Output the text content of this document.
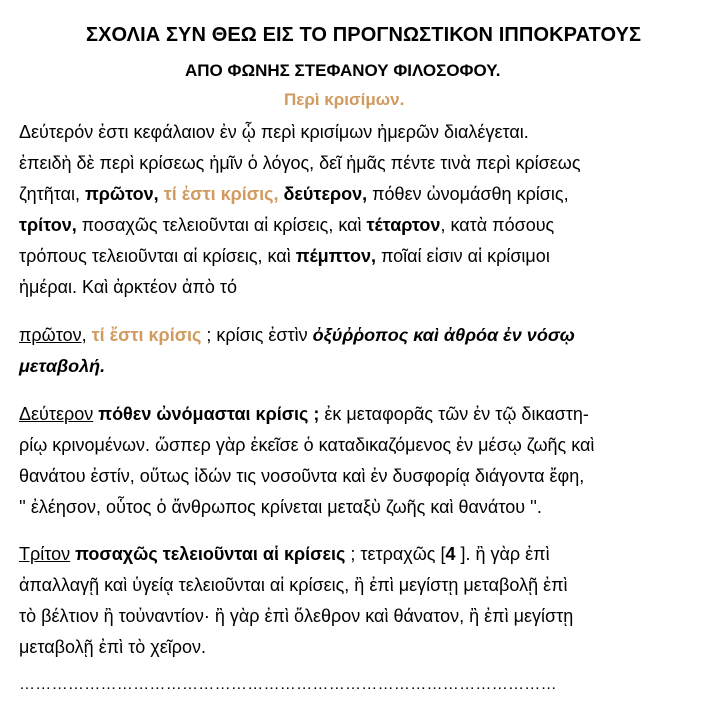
ΣΧΟΛΙΑ ΣΥΝ ΘΕΩ ΕΙΣ ΤΟ ΠΡΟΓΝΩΣΤΙΚΟΝ ΙΠΠΟΚΡΑΤΟΥΣ
ΑΠΟ ΦΩΝΗΣ ΣΤΕΦΑΝΟΥ ΦΙΛΟΣΟΦΟΥ.
Περὶ κρισίμων.
Δεύτερόν ἐστι κεφάλαιον ἐν ᾧ περὶ κρισίμων ἡμερῶν διαλέγεται.
ἐπειδὴ δὲ περὶ κρίσεως ἡμῖν ὁ λόγος, δεῖ ἡμᾶς πέντε τινὰ περὶ κρίσεως
ζητῆται, πρῶτον, τί ἐστι κρίσις, δεύτερον, πόθεν ὠνομάσθη κρίσις,
τρίτον, ποσαχῶς τελειοῦνται αἱ κρίσεις, καὶ τέταρτον, κατὰ πόσους
τρόπους τελειοῦνται αἱ κρίσεις, καὶ πέμπτον, ποῖαί εἰσιν αἱ κρίσιμοι
ἡμέραι. Καὶ ἀρκτέον ἀπὸ τό
πρῶτον, τί ἔστι κρίσις ; κρίσις ἐστὶν ὀξύῤῥοπος καὶ ἀθρόα ἐν νόσῳ
μεταβολή.
Δεύτερον πόθεν ὠνόμασται κρίσις ; ἐκ μεταφορᾶς τῶν ἐν τῷ δικαστη-
ρίῳ κρινομένων. ὥσπερ γὰρ ἐκεῖσε ὁ καταδικαζόμενος ἐν μέσῳ ζωῆς καὶ
θανάτου ἐστίν, οὕτως ἰδών τις νοσοῦντα καὶ ἐν δυσφορίᾳ διάγοντα ἔφη,
'' ἐλέησον, οὗτος ὁ ἄνθρωπος κρίνεται μεταξὺ ζωῆς καὶ θανάτου ''.
Τρίτον ποσαχῶς τελειοῦνται αἱ κρίσεις ; τετραχῶς [4 ]. ἢ γὰρ ἐπὶ
ἀπαλλαγῇ καὶ ὑγείᾳ τελειοῦνται αἱ κρίσεις, ἢ ἐπὶ μεγίστῃ μεταβολῇ ἐπὶ
τὸ βέλτιον ἢ τοὐναντίον· ἢ γὰρ ἐπὶ ὄλεθρον καὶ θάνατον, ἢ ἐπὶ μεγίστῃ
μεταβολῇ ἐπὶ τὸ χεῖρον.
………………………………………………………………………………………
